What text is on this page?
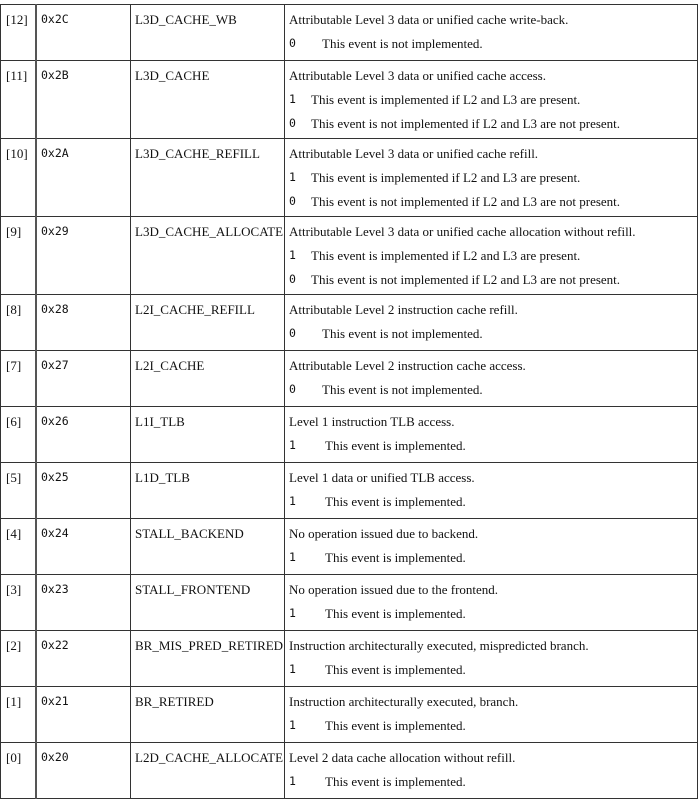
[12]	0x2C	L3D_CACHE_WB	Attributable Level 3 data or unified cache write-back.
0 This event is not implemented.

[11]	0x2B	L3D_CACHE	Attributable Level 3 data or unified cache access.
1 This event is implemented if L2 and L3 are present.
0 This event is not implemented if L2 and L3 are not present.

[10]	0x2A	L3D_CACHE_REFILL	Attributable Level 3 data or unified cache refill.
1 This event is implemented if L2 and L3 are present.
0 This event is not implemented if L2 and L3 are not present.

[9]	0x29	L3D_CACHE_ALLOCATE	Attributable Level 3 data or unified cache allocation without refill.
1 This event is implemented if L2 and L3 are present.
0 This event is not implemented if L2 and L3 are not present.

[8]	0x28	L2I_CACHE_REFILL	Attributable Level 2 instruction cache refill.
0 This event is not implemented.

[7]	0x27	L2I_CACHE	Attributable Level 2 instruction cache access.
0 This event is not implemented.

[6]	0x26	L1I_TLB	Level 1 instruction TLB access.
1 This event is implemented.

[5]	0x25	L1D_TLB	Level 1 data or unified TLB access.
1 This event is implemented.

[4]	0x24	STALL_BACKEND	No operation issued due to backend.
1 This event is implemented.

[3]	0x23	STALL_FRONTEND	No operation issued due to the frontend.
1 This event is implemented.

[2]	0x22	BR_MIS_PRED_RETIRED	Instruction architecturally executed, mispredicted branch.
1 This event is implemented.

[1]	0x21	BR_RETIRED	Instruction architecturally executed, branch.
1 This event is implemented.

[0]	0x20	L2D_CACHE_ALLOCATE	Level 2 data cache allocation without refill.
1 This event is implemented.
